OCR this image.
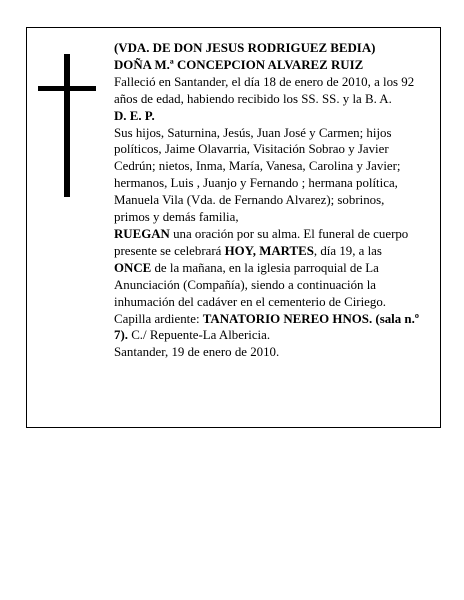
(VDA. DE DON JESUS RODRIGUEZ BEDIA)

DOÑA M.ª CONCEPCION ALVAREZ RUIZ

Falleció en Santander, el día 18 de enero de 2010, a los 92 años de edad, habiendo recibido los SS. SS. y la B. A.

D. E. P.

Sus hijos, Saturnina, Jesús, Juan José y Carmen; hijos políticos, Jaime Olavarria, Visitación Sobrao y Javier Cedrún; nietos, Inma, María, Vanesa, Carolina y Javier; hermanos, Luis , Juanjo y Fernando ; hermana política, Manuela Vila (Vda. de Fernando Alvarez); sobrinos, primos y demás familia,

RUEGAN una oración por su alma. El funeral de cuerpo presente se celebrará HOY, MARTES, día 19, a las ONCE de la mañana, en la iglesia parroquial de La Anunciación (Compañía), siendo a continuación la inhumación del cadáver en el cementerio de Ciriego.

Capilla ardiente: TANATORIO NEREO HNOS. (sala n.º 7). C./ Repuente-La Albericia.

Santander, 19 de enero de 2010.
